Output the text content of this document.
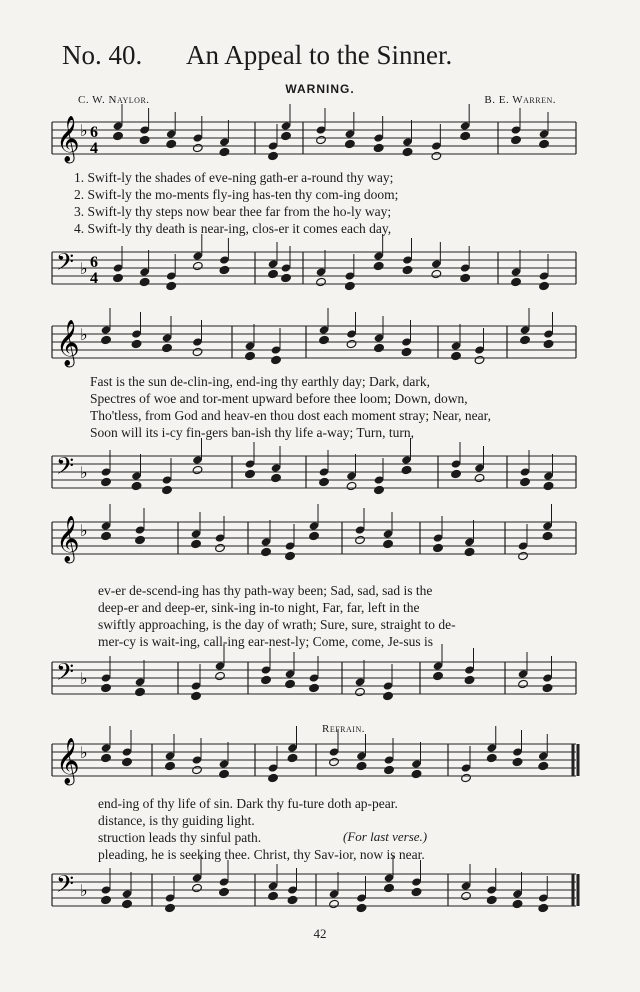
No. 40. An Appeal to the Sinner.
WARNING.
C. W. Naylor.	B. E. Warren.
𝄞 ♭ 6
4
1. Swift-ly the shades of eve-ning gath-er a-round thy way;
2. Swift-ly the mo-ments fly-ing has-ten thy com-ing doom;
3. Swift-ly thy steps now bear thee far from the ho-ly way;
4. Swift-ly thy death is near-ing, clos-er it comes each day,
𝄢 ♭ 6
4
𝄞 ♭
Fast is the sun de-clin-ing, end-ing thy earthly day; Dark, dark,
Spectres of woe and tor-ment upward before thee loom; Down, down,
Tho'tless, from God and heav-en thou dost each moment stray; Near, near,
Soon will its i-cy fin-gers ban-ish thy life a-way; Turn, turn,
𝄢 ♭
𝄞 ♭
ev-er de-scend-ing has thy path-way been; Sad, sad, sad is the
deep-er and deep-er, sink-ing in-to night, Far, far, left in the
swiftly approaching, is the day of wrath; Sure, sure, straight to de-
mer-cy is wait-ing, call-ing ear-nest-ly; Come, come, Je-sus is
𝄢 ♭
Refrain.
𝄞 ♭
end-ing of thy life of sin. Dark thy fu-ture doth ap-pear.
distance, is thy guiding light.
struction leads thy sinful path.	(For last verse.)
pleading, he is seeking thee. Christ, thy Sav-ior, now is near.
𝄢 ♭
42
